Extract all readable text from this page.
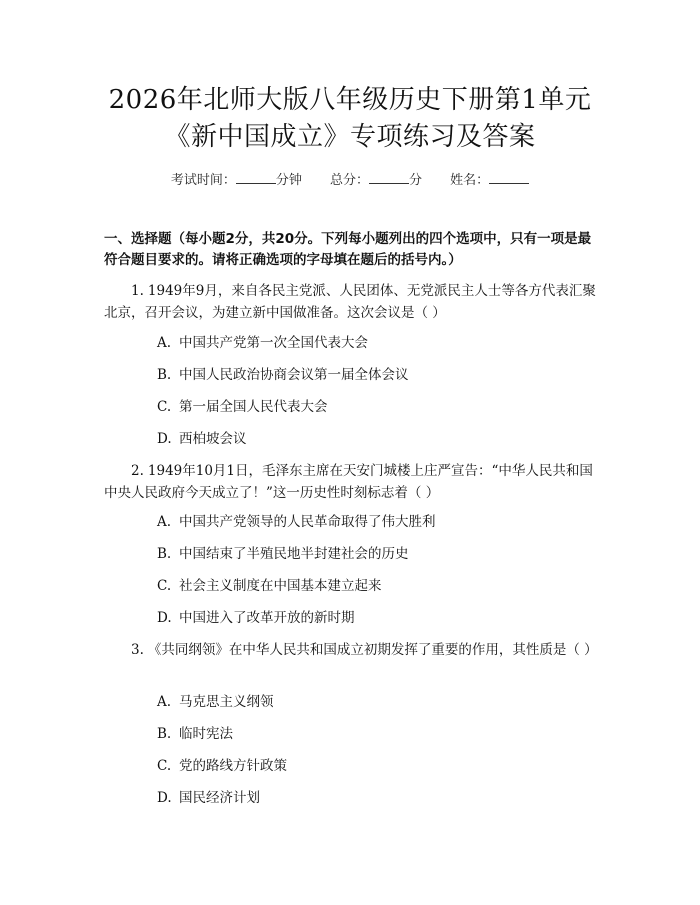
2026年北师大版八年级历史下册第1单元
《新中国成立》专项练习及答案
考试时间：	分钟 总分：	分 姓名：
一、选择题（每小题2分，共20分。下列每小题列出的四个选项中，只有一项是最符合题目要求的。请将正确选项的字母填在题后的括号内。）
1. 1949年9月，来自各民主党派、人民团体、无党派民主人士等各方代表汇聚北京，召开会议，为建立新中国做准备。这次会议是（ ）
A. 中国共产党第一次全国代表大会
B. 中国人民政治协商会议第一届全体会议
C. 第一届全国人民代表大会
D. 西柏坡会议
2. 1949年10月1日，毛泽东主席在天安门城楼上庄严宣告：“中华人民共和国中央人民政府今天成立了！”这一历史性时刻标志着（ ）
A. 中国共产党领导的人民革命取得了伟大胜利
B. 中国结束了半殖民地半封建社会的历史
C. 社会主义制度在中国基本建立起来
D. 中国进入了改革开放的新时期
3. 《共同纲领》在中华人民共和国成立初期发挥了重要的作用，其性质是（ ）
A. 马克思主义纲领
B. 临时宪法
C. 党的路线方针政策
D. 国民经济计划
